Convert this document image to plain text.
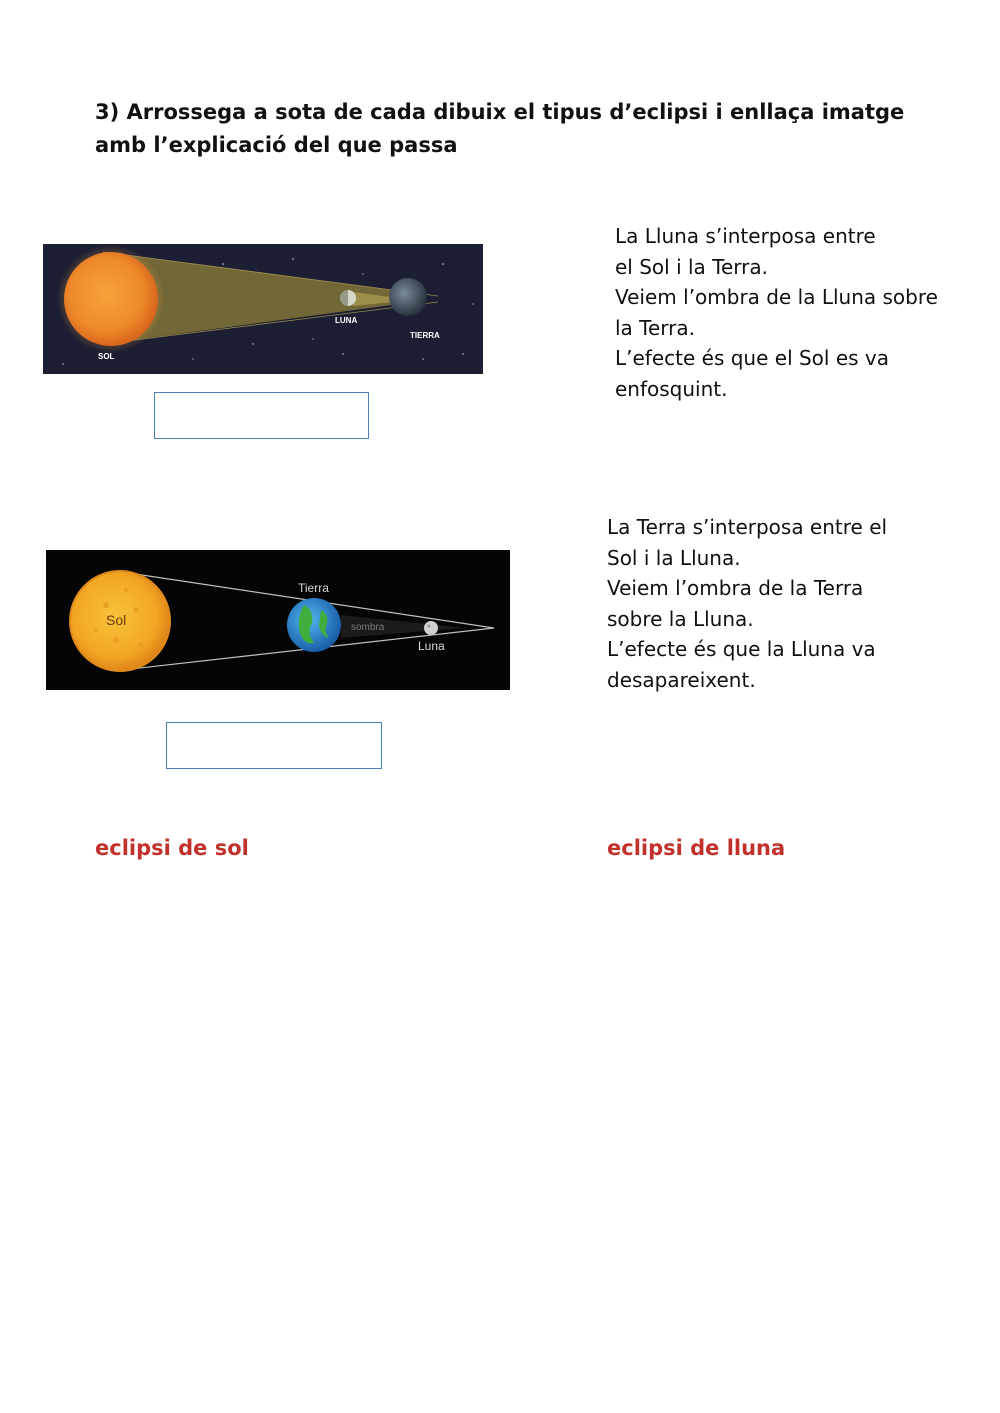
3) Arrossega a sota de cada dibuix el tipus d’eclipsi i enllaça imatge
amb l’explicació del que passa
SOL
LUNA
TIERRA
La Lluna s’interposa entre
el Sol i la Terra.
Veiem l’ombra de la Lluna sobre
la Terra.
L’efecte és que el Sol es va
enfosquint.
Sol
Tierra
sombra
Luna
La Terra s’interposa entre el
Sol i la Lluna.
Veiem l’ombra de la Terra
sobre la Lluna.
L’efecte és que la Lluna va
desapareixent.
eclipsi de sol	eclipsi de lluna
